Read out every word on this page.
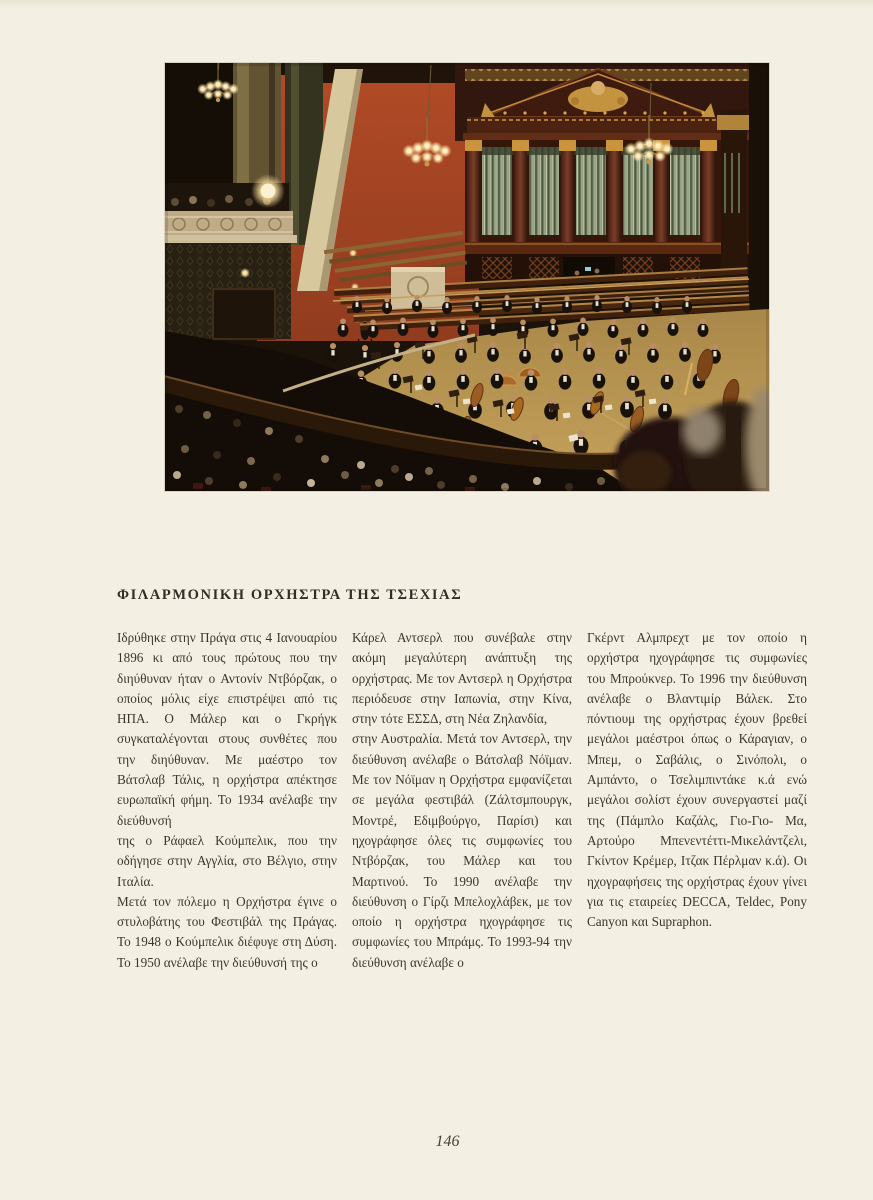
ΦΙΛΑΡΜΟΝΙΚΗ ΟΡΧΗΣΤΡΑ ΤΗΣ ΤΣΕΧΙΑΣ

Ιδρύθηκε στην Πράγα στις 4 Ιανουαρίου 1896 κι από τους πρώτους που την διηύθυναν ήταν ο Αντονίν Ντβόρζακ, ο οποίος μόλις είχε επιστρέψει από τις ΗΠΑ. Ο Μάλερ και ο Γκρήγκ συγκαταλέγονται στους συνθέτες που την διηύθυναν. Με μαέστρο τον Βάτσλαβ Τάλις, η ορχήστρα απέκτησε ευρωπαϊκή φήμη. Το 1934 ανέλαβε την διεύθυνσή

της ο Ράφαελ Κούμπελικ, που την οδήγησε στην Αγγλία, στο Βέλγιο, στην Ιταλία.

Μετά τον πόλεμο η Ορχήστρα έγινε ο στυλοβάτης του Φεστιβάλ της Πράγας. Το 1948 ο Κούμπελικ διέφυγε στη Δύση. Το 1950 ανέλαβε την διεύθυνσή της ο

Κάρελ Αντσερλ που συνέβαλε στην ακόμη μεγαλύτερη ανάπτυξη της ορχήστρας. Με τον Αντσερλ η Ορχήστρα περιόδευσε στην Ιαπωνία, στην Κίνα, στην τότε ΕΣΣΔ, στη Νέα Ζηλανδία,

στην Αυστραλία. Μετά τον Αντσερλ, την διεύθυνση ανέλαβε ο Βάτσλαβ Νόϊμαν. Με τον Νόϊμαν η Ορχήστρα εμφανίζεται σε μεγάλα φεστιβάλ (Ζάλτσμπουργκ, Μοντρέ, Εδιμβούργο, Παρίσι) και ηχογράφησε όλες τις συμφωνίες του Ντβόρζακ, του Μάλερ και του Μαρτινού. Το 1990 ανέλαβε την διεύθυνση ο Γίρζι Μπελοχλάβεκ, με τον οποίο η ορχήστρα ηχογράφησε τις συμφωνίες του Μπράμς. Το 1993-94 την διεύθυνση ανέλαβε ο

Γκέρντ Αλμπρεχτ με τον οποίο η ορχήστρα ηχογράφησε τις συμφωνίες του Μπρούκνερ. Το 1996 την διεύθυνση ανέλαβε ο Βλαντιμίρ Βάλεκ. Στο πόντιουμ της ορχήστρας έχουν βρεθεί μεγάλοι μαέστροι όπως ο Κάραγιαν, ο Μπεμ, ο Σαβάλις, ο Σινόπολι, ο Αμπάντο, ο Τσελιμπιντάκε κ.ά ενώ μεγάλοι σολίστ έχουν συνεργαστεί μαζί της (Πάμπλο Καζάλς, Γιο-Γιο- Μα, Αρτούρο Μπενεντέττι-Μικελάντζελι, Γκίντον Κρέμερ, Ιτζακ Πέρλμαν κ.ά). Οι ηχογραφήσεις της ορχήστρας έχουν γίνει για τις εταιρείες DECCA, Teldec, Pony Canyon και Supraphon.

146
